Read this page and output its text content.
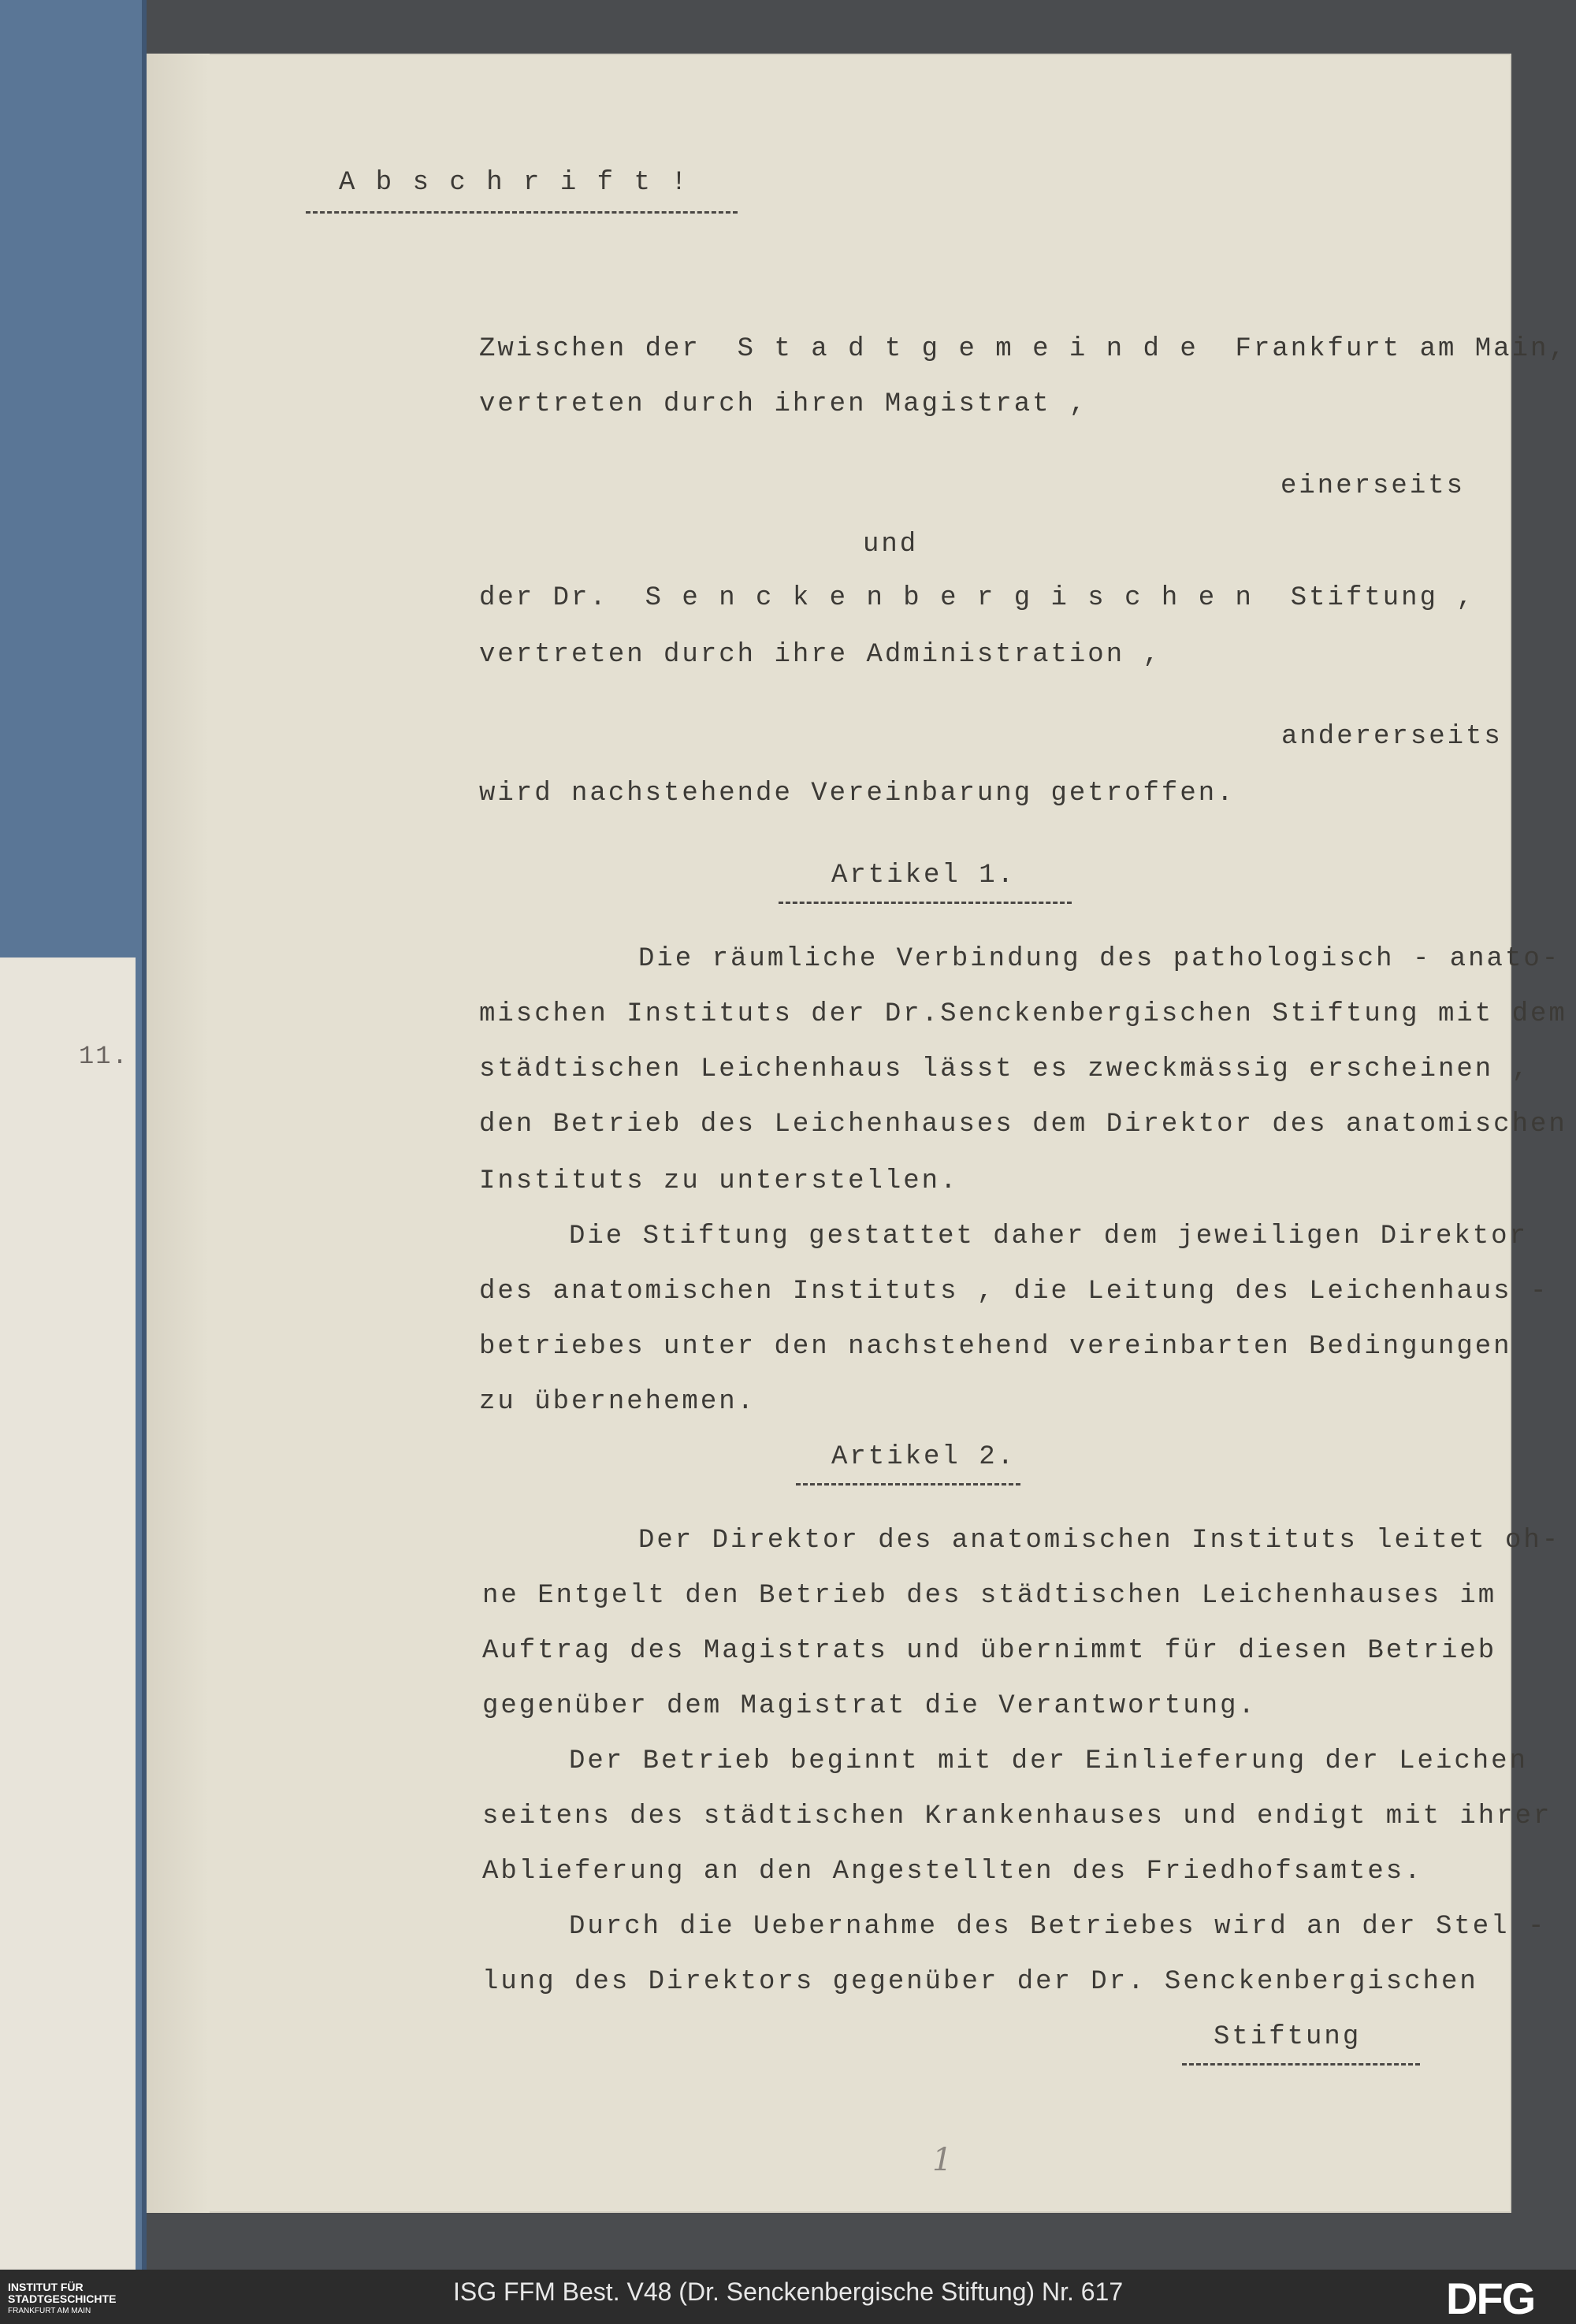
11.
A b s c h r i f t !
Zwischen der  S t a d t g e m e i n d e  Frankfurt am Main,
vertreten durch ihren Magistrat ,
einerseits
und
der Dr.  S e n c k e n b e r g i s c h e n  Stiftung ,
vertreten durch ihre Administration ,
andererseits
wird nachstehende Vereinbarung getroffen.
Artikel 1.
Die räumliche Verbindung des pathologisch - anato-
mischen Instituts der Dr.Senckenbergischen Stiftung mit dem
städtischen Leichenhaus lässt es zweckmässig erscheinen ,
den Betrieb des Leichenhauses dem Direktor des anatomischen
Instituts zu unterstellen.
Die Stiftung gestattet daher dem jeweiligen Direktor
des anatomischen Instituts , die Leitung des Leichenhaus -
betriebes unter den nachstehend vereinbarten Bedingungen
zu übernehemen.
Artikel 2.
Der Direktor des anatomischen Instituts leitet oh-
ne Entgelt den Betrieb des städtischen Leichenhauses im
Auftrag des Magistrats und übernimmt für diesen Betrieb
gegenüber dem Magistrat die Verantwortung.
Der Betrieb beginnt mit der Einlieferung der Leichen
seitens des städtischen Krankenhauses und endigt mit ihrer
Ablieferung an den Angestellten des Friedhofsamtes.
Durch die Uebernahme des Betriebes wird an der Stel -
lung des Direktors gegenüber der Dr. Senckenbergischen
Stiftung
1
INSTITUT FÜR
STADTGESCHICHTE
FRANKFURT AM MAIN
ISG FFM Best. V48 (Dr. Senckenbergische Stiftung) Nr. 617	DFG
